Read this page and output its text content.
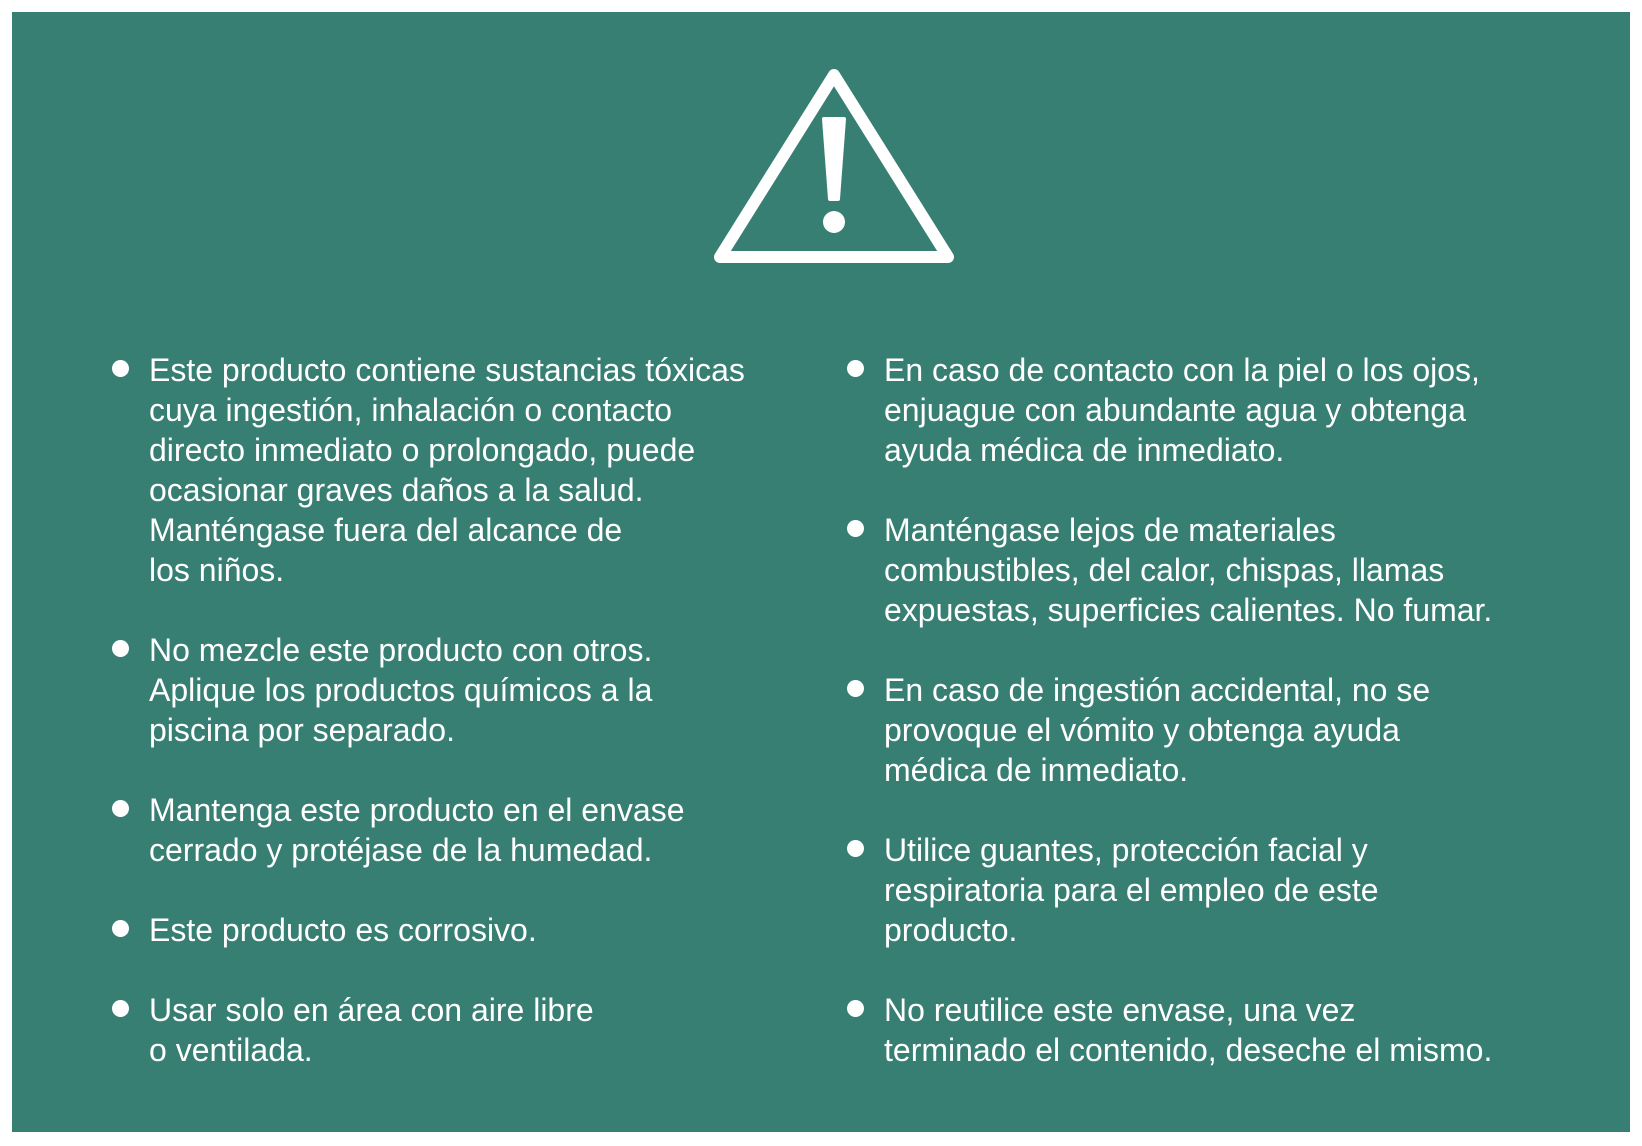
Este producto contiene sustancias tóxicas
cuya ingestión, inhalación o contacto
directo inmediato o prolongado, puede
ocasionar graves daños a la salud.
Manténgase fuera del alcance de
los niños.
No mezcle este producto con otros.
Aplique los productos químicos a la
piscina por separado.
Mantenga este producto en el envase
cerrado y protéjase de la humedad.
Este producto es corrosivo.
Usar solo en área con aire libre
o ventilada.
En caso de contacto con la piel o los ojos,
enjuague con abundante agua y obtenga
ayuda médica de inmediato.
Manténgase lejos de materiales
combustibles, del calor, chispas, llamas
expuestas, superficies calientes. No fumar.
En caso de ingestión accidental, no se
provoque el vómito y obtenga ayuda
médica de inmediato.
Utilice guantes, protección facial y
respiratoria para el empleo de este
producto.
No reutilice este envase, una vez
terminado el contenido, deseche el mismo.
